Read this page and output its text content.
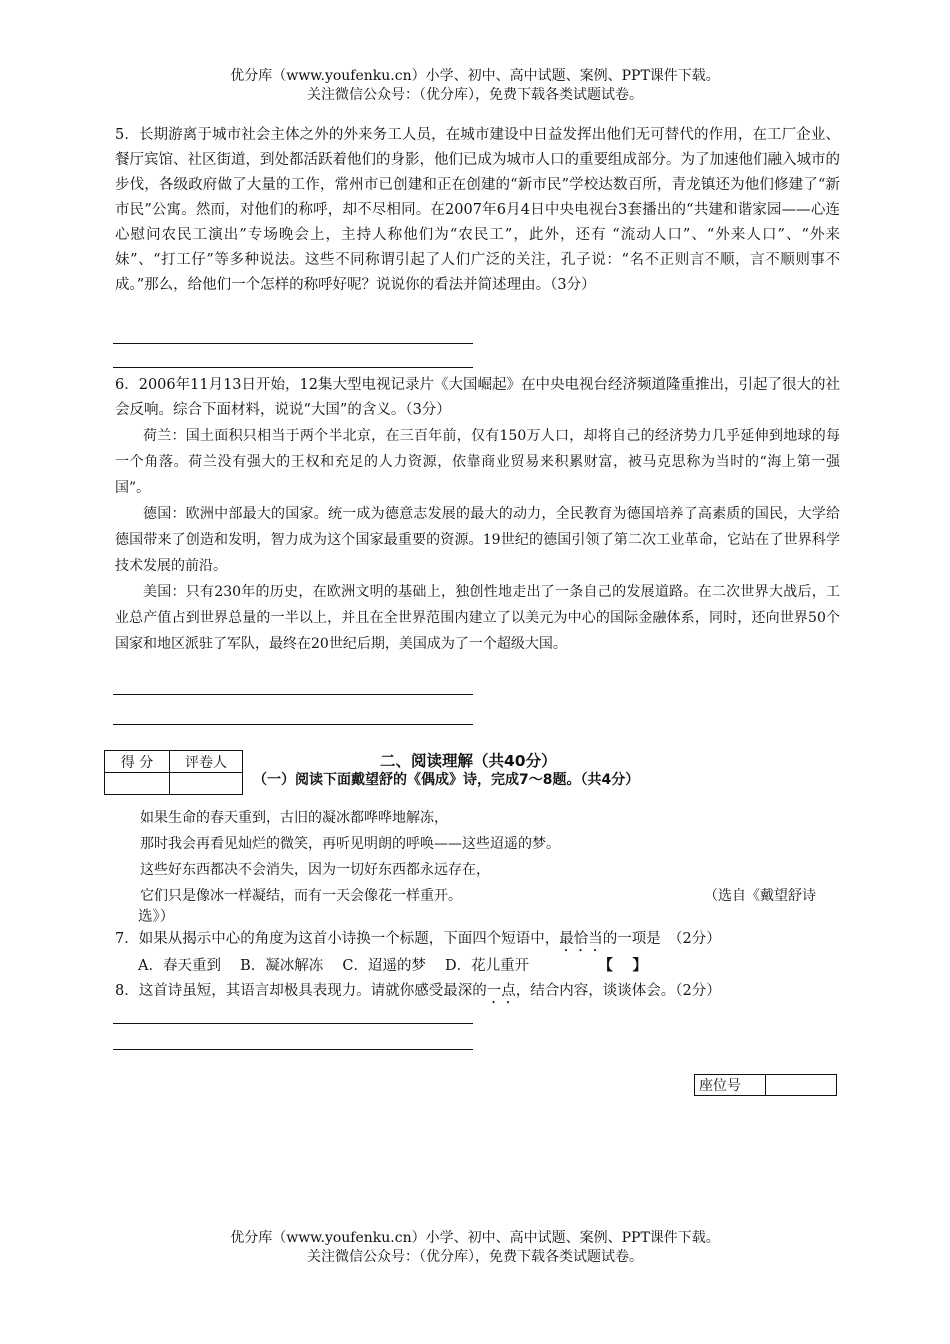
优分库（www.youfenku.cn）小学、初中、高中试题、案例、PPT课件下载。
关注微信公众号：（优分库），免费下载各类试题试卷。
5．长期游离于城市社会主体之外的外来务工人员，在城市建设中日益发挥出他们无可替代的作用，在工厂企业、餐厅宾馆、社区街道，到处都活跃着他们的身影，他们已成为城市人口的重要组成部分。为了加速他们融入城市的步伐，各级政府做了大量的工作，常州市已创建和正在创建的“新市民”学校达数百所，青龙镇还为他们修建了“新市民”公寓。然而，对他们的称呼，却不尽相同。在2007年6月4日中央电视台3套播出的“共建和谐家园——心连心慰问农民工演出”专场晚会上，主持人称他们为“农民工”，此外，还有 “流动人口”、“外来人口”、“外来妹”、“打工仔”等多种说法。这些不同称谓引起了人们广泛的关注，孔子说：“名不正则言不顺，言不顺则事不成。”那么，给他们一个怎样的称呼好呢？说说你的看法并简述理由。（3分）
6．2006年11月13日开始，12集大型电视记录片《大国崛起》在中央电视台经济频道隆重推出，引起了很大的社会反响。综合下面材料，说说“大国”的含义。（3分）

荷兰：国土面积只相当于两个半北京，在三百年前，仅有150万人口，却将自己的经济势力几乎延伸到地球的每一个角落。荷兰没有强大的王权和充足的人力资源，依靠商业贸易来积累财富，被马克思称为当时的“海上第一强国”。

德国：欧洲中部最大的国家。统一成为德意志发展的最大的动力，全民教育为德国培养了高素质的国民，大学给德国带来了创造和发明，智力成为这个国家最重要的资源。19世纪的德国引领了第二次工业革命，它站在了世界科学技术发展的前沿。

美国：只有230年的历史，在欧洲文明的基础上，独创性地走出了一条自己的发展道路。在二次世界大战后，工业总产值占到世界总量的一半以上，并且在全世界范围内建立了以美元为中心的国际金融体系，同时，还向世界50个国家和地区派驻了军队，最终在20世纪后期，美国成为了一个超级大国。

得 分	评卷人
		二、阅读理解（共40分）
（一）阅读下面戴望舒的《偶成》诗，完成7～8题。（共4分）
如果生命的春天重到，古旧的凝冰都哗哗地解冻，
那时我会再看见灿烂的微笑，再听见明朗的呼唤——这些迢遥的梦。
这些好东西都决不会消失，因为一切好东西都永远存在，
它们只是像冰一样凝结，而有一天会像花一样重开。	（选自《戴望舒诗
选》）
7．如果从揭示中心的角度为这首小诗换一个标题，下面四个短语中，最恰当的一项是　（2分）
A．春天重到　 B．凝冰解冻　 C．迢遥的梦　 D．花儿重开	【　 】
8．这首诗虽短，其语言却极具表现力。请就你感受最深的一点，结合内容，谈谈体会。（2分）
座位号	
优分库（www.youfenku.cn）小学、初中、高中试题、案例、PPT课件下载。
关注微信公众号：（优分库），免费下载各类试题试卷。
